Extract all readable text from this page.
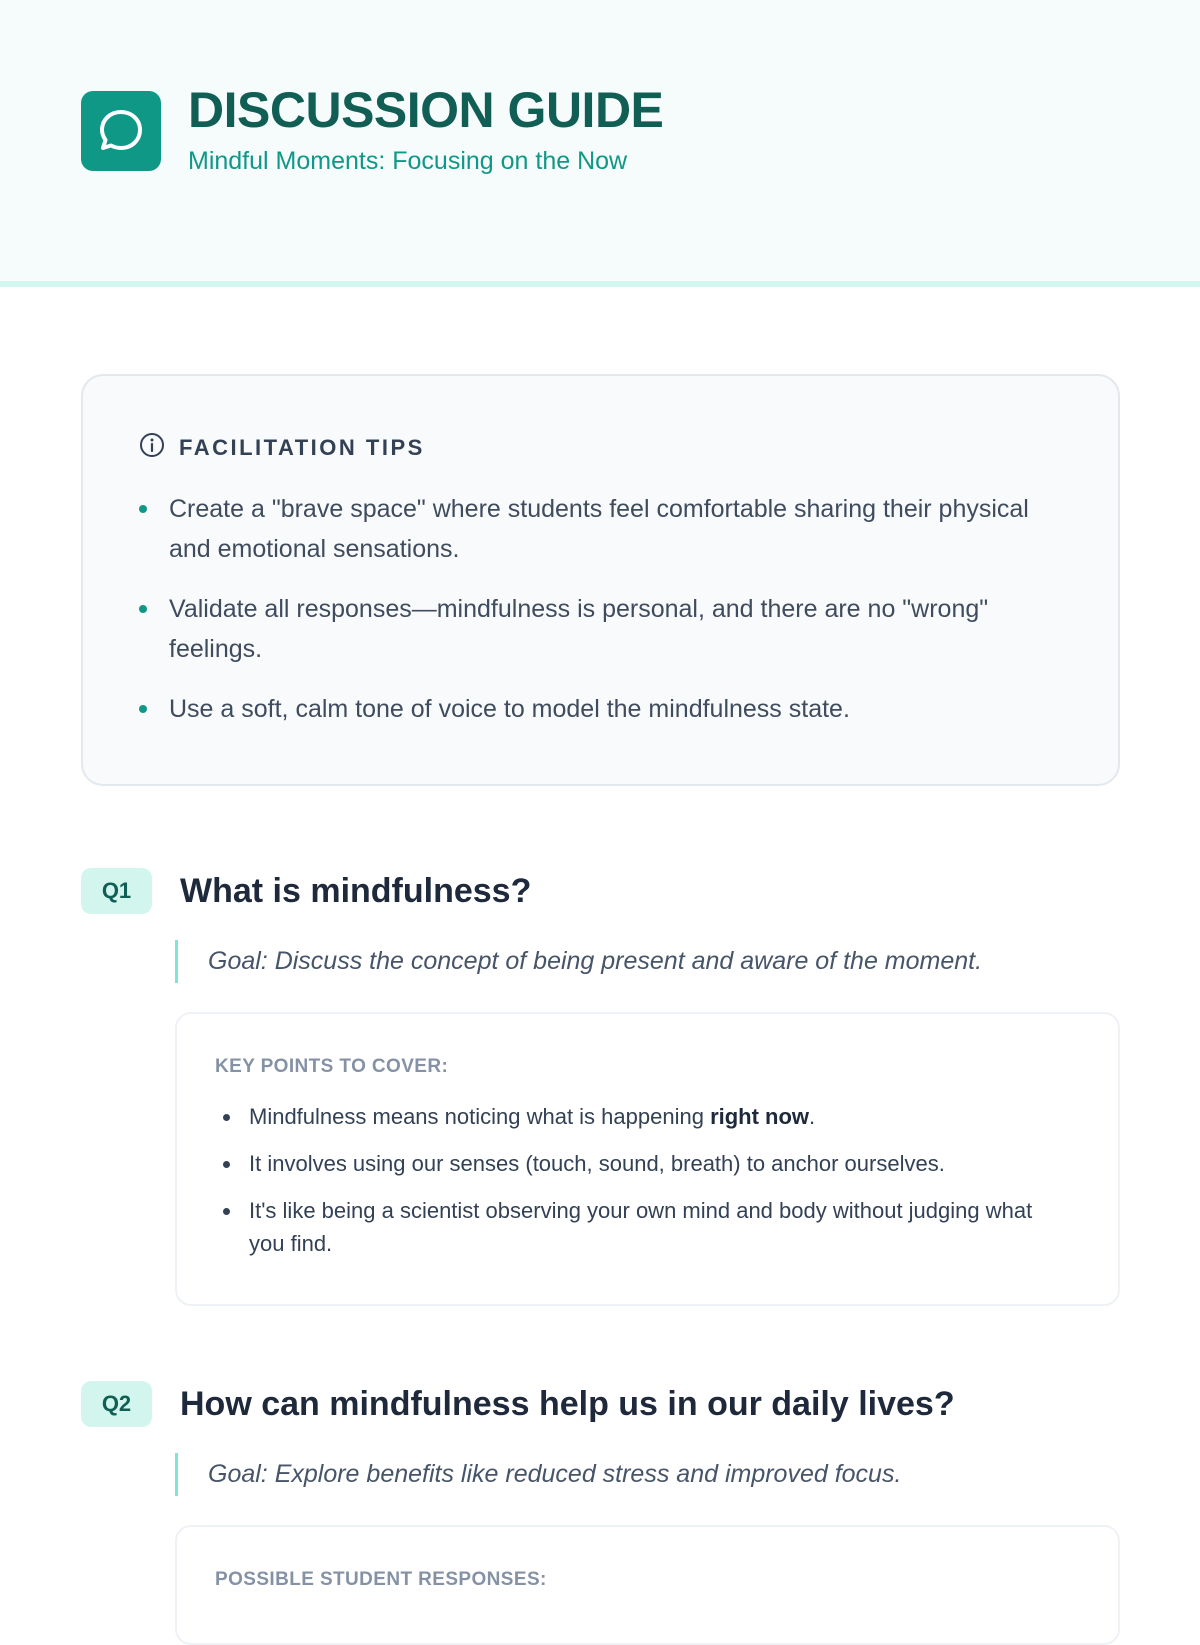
DISCUSSION GUIDE
Mindful Moments: Focusing on the Now
FACILITATION TIPS
Create a "brave space" where students feel comfortable sharing their physical and emotional sensations.
Validate all responses—mindfulness is personal, and there are no "wrong" feelings.
Use a soft, calm tone of voice to model the mindfulness state.
Q1	What is mindfulness?
Goal: Discuss the concept of being present and aware of the moment.
KEY POINTS TO COVER:
Mindfulness means noticing what is happening right now.
It involves using our senses (touch, sound, breath) to anchor ourselves.
It's like being a scientist observing your own mind and body without judging what you find.
Q2	How can mindfulness help us in our daily lives?
Goal: Explore benefits like reduced stress and improved focus.
POSSIBLE STUDENT RESPONSES:
